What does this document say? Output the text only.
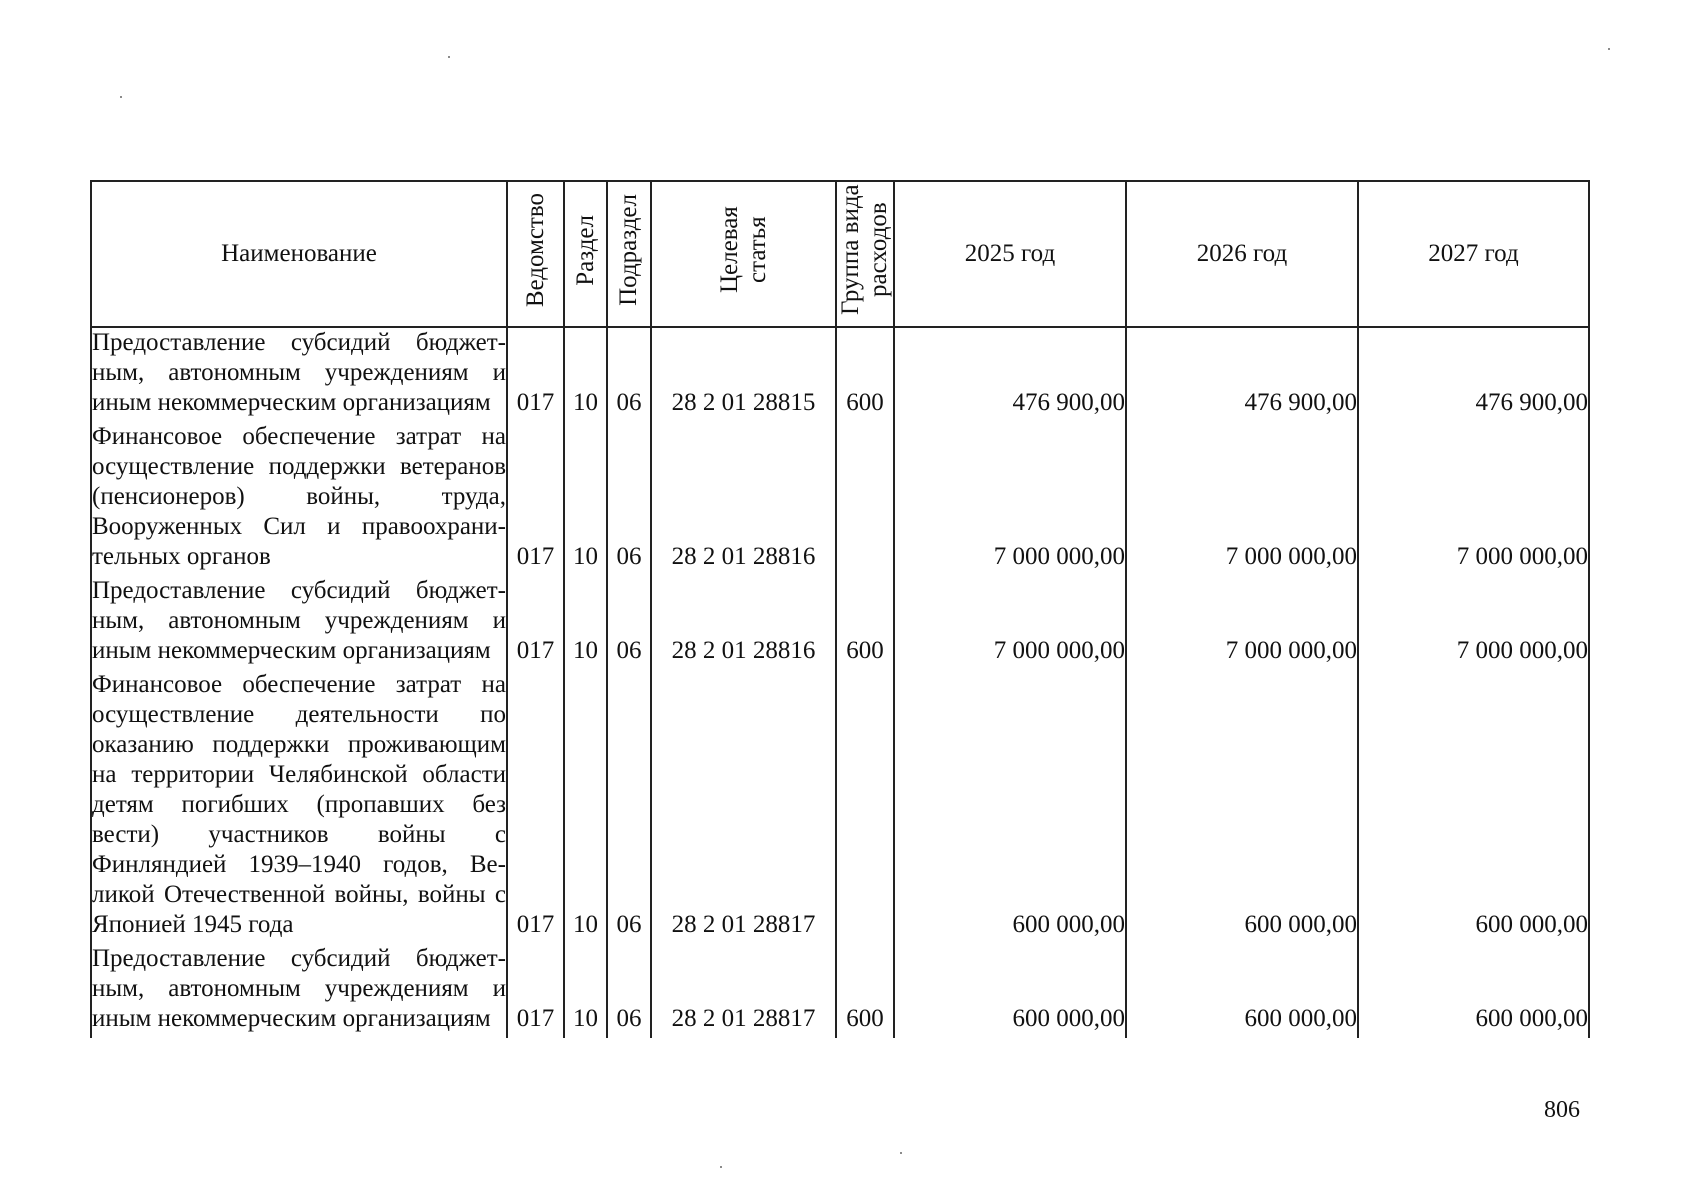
Наименование	Ведомство	Раздел	Подраздел	Целевая статья	Группа вида расходов	2025 год	2026 год	2027 год
Предоставление субсидий бюджетным, автономным учреждениям и иным некоммерческим организациям	017	10	06	28 2 01 28815	600	476 900,00	476 900,00	476 900,00
Финансовое обеспечение затрат на осуществление поддержки ветеранов (пенсионеров) войны, труда, Вооруженных Сил и правоохранительных органов	017	10	06	28 2 01 28816		7 000 000,00	7 000 000,00	7 000 000,00
Предоставление субсидий бюджетным, автономным учреждениям и иным некоммерческим организациям	017	10	06	28 2 01 28816	600	7 000 000,00	7 000 000,00	7 000 000,00
Финансовое обеспечение затрат на осуществление деятельности по оказанию поддержки проживающим на территории Челябинской области детям погибших (пропавших без вести) участников войны с Финляндией 1939–1940 годов, Великой Отечественной войны, войны с Японией 1945 года	017	10	06	28 2 01 28817		600 000,00	600 000,00	600 000,00
Предоставление субсидий бюджетным, автономным учреждениям и иным некоммерческим организациям	017	10	06	28 2 01 28817	600	600 000,00	600 000,00	600 000,00
806
